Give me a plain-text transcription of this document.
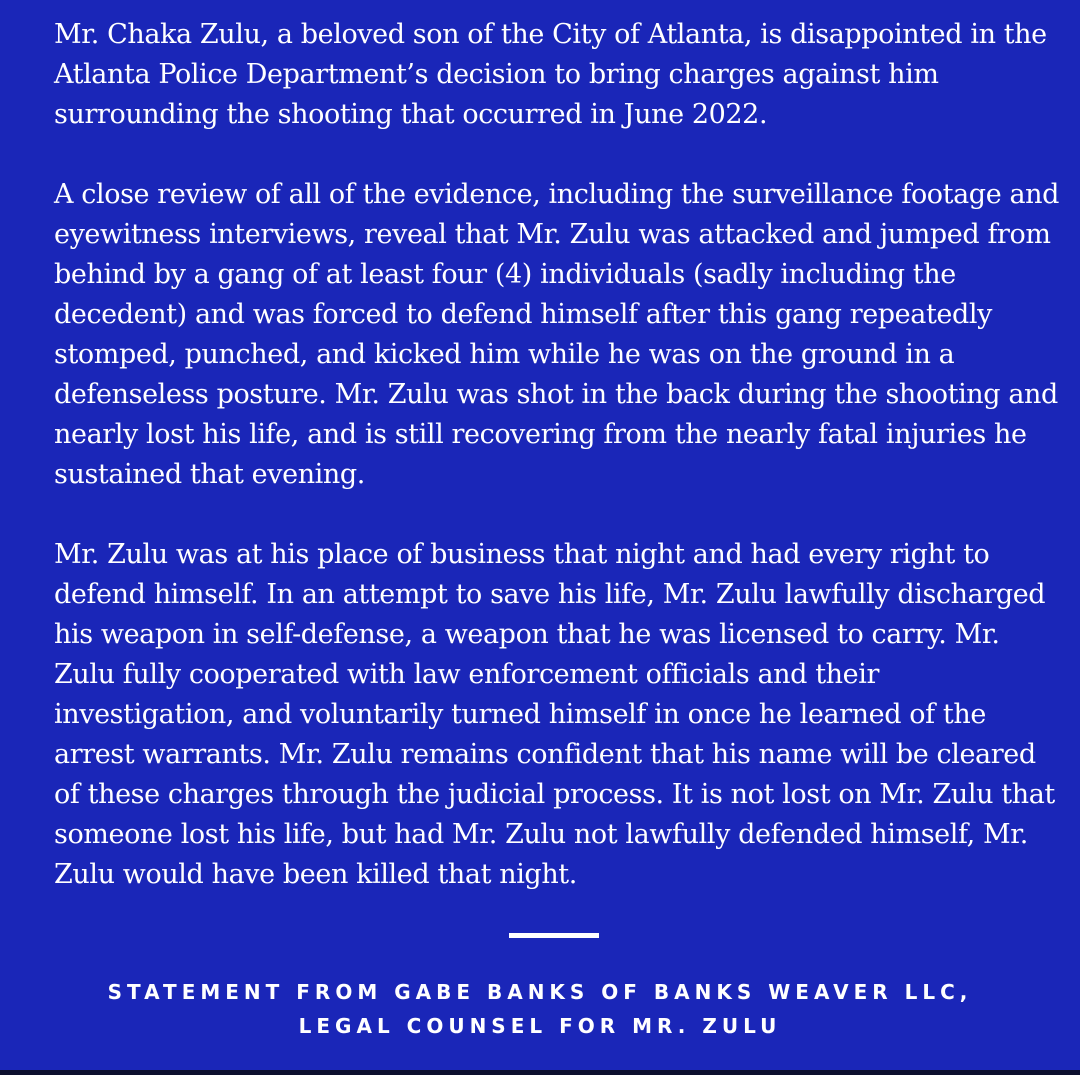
Mr. Chaka Zulu, a beloved son of the City of Atlanta, is disappointed in the Atlanta Police Department’s decision to bring charges against him surrounding the shooting that occurred in June 2022.

A close review of all of the evidence, including the surveillance footage and eyewitness interviews, reveal that Mr. Zulu was attacked and jumped from behind by a gang of at least four (4) individuals (sadly including the decedent) and was forced to defend himself after this gang repeatedly stomped, punched, and kicked him while he was on the ground in a defenseless posture. Mr. Zulu was shot in the back during the shooting and nearly lost his life, and is still recovering from the nearly fatal injuries he sustained that evening.

Mr. Zulu was at his place of business that night and had every right to defend himself. In an attempt to save his life, Mr. Zulu lawfully discharged his weapon in self-defense, a weapon that he was licensed to carry. Mr. Zulu fully cooperated with law enforcement officials and their investigation, and voluntarily turned himself in once he learned of the arrest warrants. Mr. Zulu remains confident that his name will be cleared of these charges through the judicial process. It is not lost on Mr. Zulu that someone lost his life, but had Mr. Zulu not lawfully defended himself, Mr. Zulu would have been killed that night.

STATEMENT FROM GABE BANKS OF BANKS WEAVER LLC,
LEGAL COUNSEL FOR MR. ZULU
